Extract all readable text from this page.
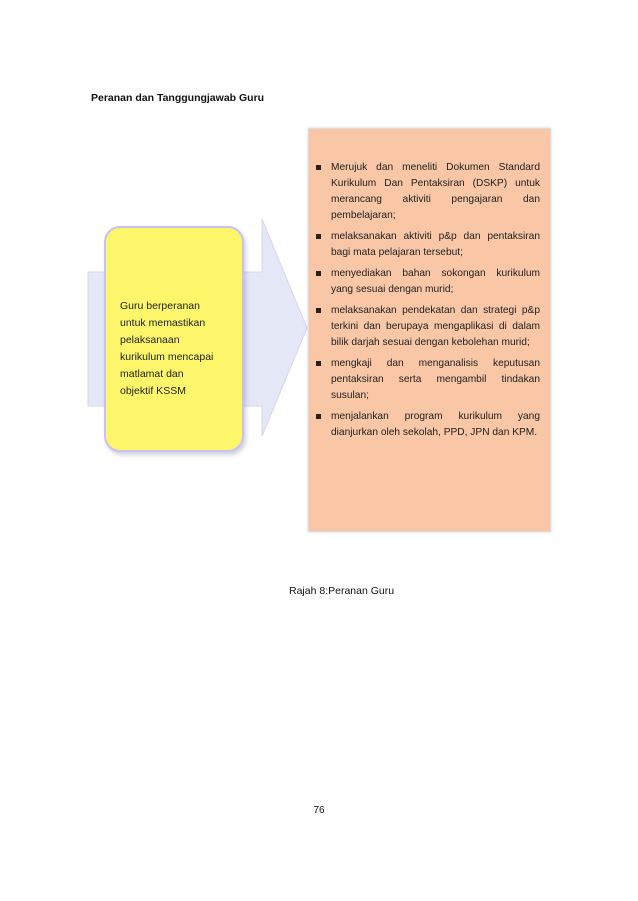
Peranan dan Tanggungjawab Guru
Guru berperanan
untuk memastikan
pelaksanaan
kurikulum mencapai
matlamat dan
objektif KSSM
Merujuk dan meneliti Dokumen Standard Kurikulum Dan Pentaksiran (DSKP) untuk merancang aktiviti pengajaran dan pembelajaran;
melaksanakan aktiviti p&p dan pentaksiran bagi mata pelajaran tersebut;
menyediakan bahan sokongan kurikulum yang sesuai dengan murid;
melaksanakan pendekatan dan strategi p&p terkini dan berupaya mengaplikasi di dalam bilik darjah sesuai dengan kebolehan murid;
mengkaji dan menganalisis keputusan pentaksiran serta mengambil tindakan susulan;
menjalankan program kurikulum yang dianjurkan oleh sekolah, PPD, JPN dan KPM.
Rajah 8:Peranan Guru
76
